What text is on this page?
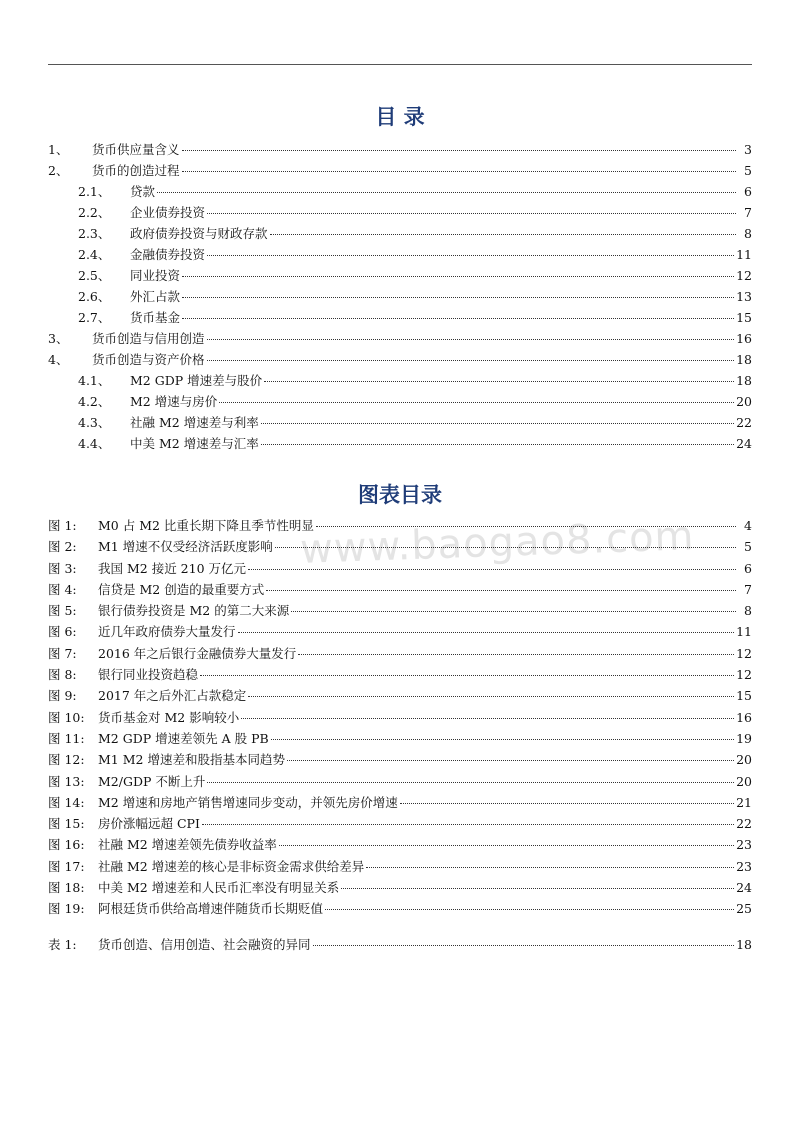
目 录
1、	货币供应量含义	3
2、	货币的创造过程	5
2.1、	贷款	6
2.2、	企业债券投资	7
2.3、	政府债券投资与财政存款	8
2.4、	金融债券投资	11
2.5、	同业投资	12
2.6、	外汇占款	13
2.7、	货币基金	15
3、	货币创造与信用创造	16
4、	货币创造与资产价格	18
4.1、	M2 GDP 增速差与股价	18
4.2、	M2 增速与房价	20
4.3、	社融 M2 增速差与利率	22
4.4、	中美 M2 增速差与汇率	24
www.baogao8.com
图表目录
图 1:	M0 占 M2 比重长期下降且季节性明显	4
图 2:	M1 增速不仅受经济活跃度影响	5
图 3:	我国 M2 接近 210 万亿元	6
图 4:	信贷是 M2 创造的最重要方式	7
图 5:	银行债券投资是 M2 的第二大来源	8
图 6:	近几年政府债券大量发行	11
图 7:	2016 年之后银行金融债券大量发行	12
图 8:	银行同业投资趋稳	12
图 9:	2017 年之后外汇占款稳定	15
图 10:	货币基金对 M2 影响较小	16
图 11:	M2 GDP 增速差领先 A 股 PB	19
图 12:	M1 M2 增速差和股指基本同趋势	20
图 13:	M2/GDP 不断上升	20
图 14:	M2 增速和房地产销售增速同步变动，并领先房价增速	21
图 15:	房价涨幅远超 CPI	22
图 16:	社融 M2 增速差领先债券收益率	23
图 17:	社融 M2 增速差的核心是非标资金需求供给差异	23
图 18:	中美 M2 增速差和人民币汇率没有明显关系	24
图 19:	阿根廷货币供给高增速伴随货币长期贬值	25
表 1:	货币创造、信用创造、社会融资的异同	18
